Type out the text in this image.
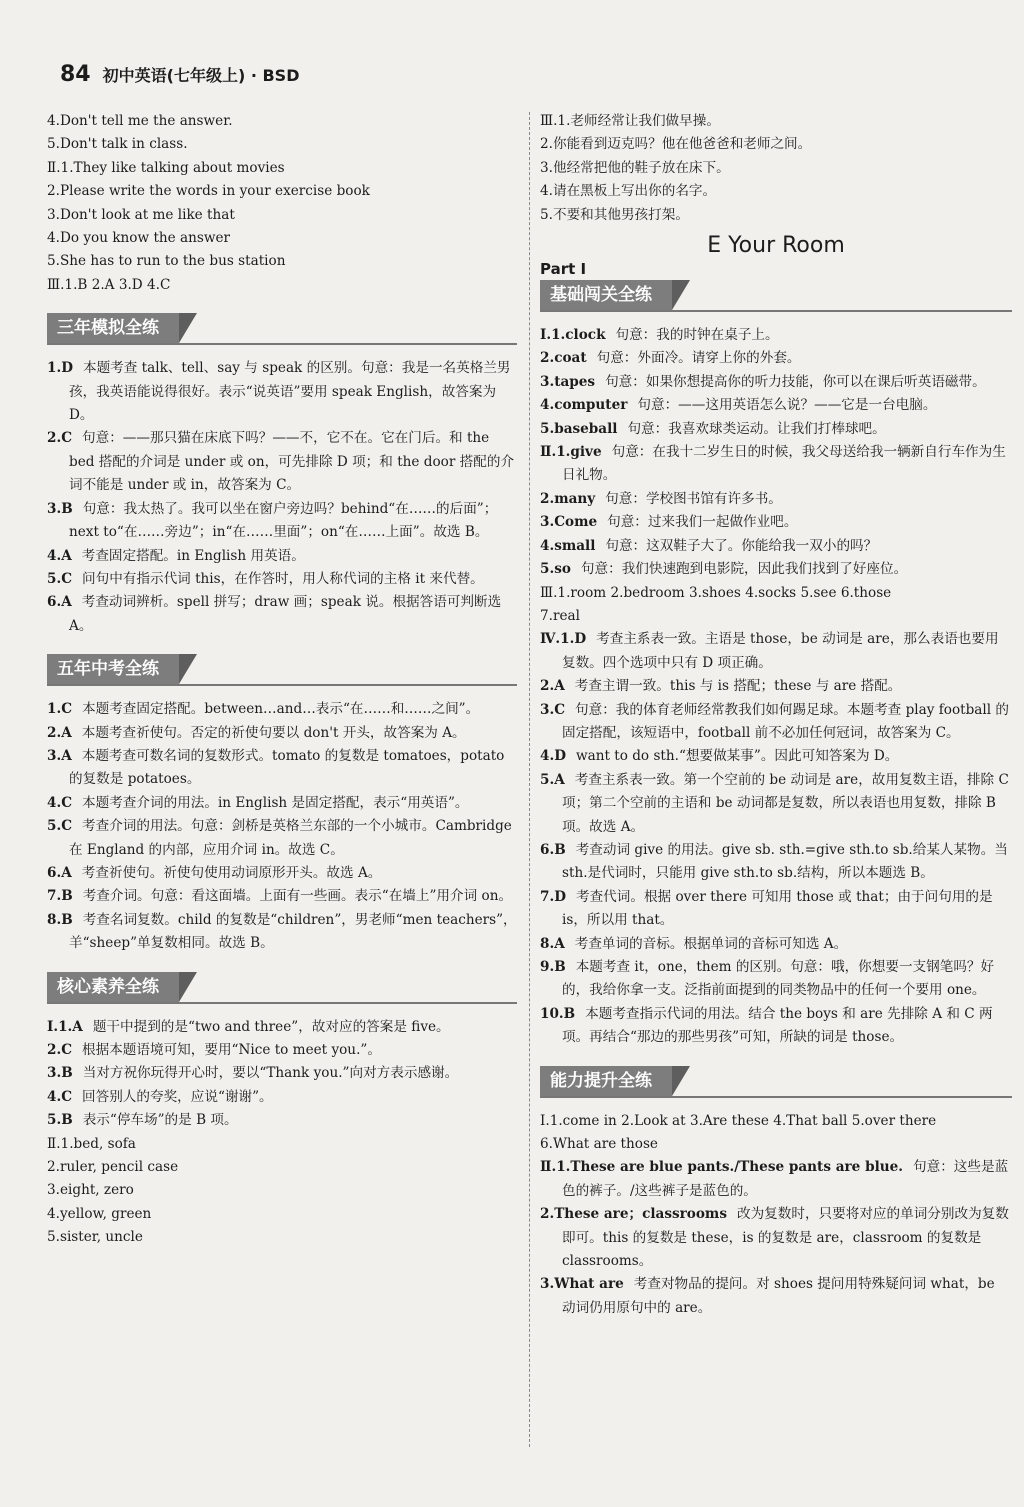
84 初中英语(七年级上) · BSD
4.Don't tell me the answer.
5.Don't talk in class.
Ⅱ.1.They like talking about movies
2.Please write the words in your exercise book
3.Don't look at me like that
4.Do you know the answer
5.She has to run to the bus station
Ⅲ.1.B 2.A 3.D 4.C
三年模拟全练
1.D 本题考查 talk、tell、say 与 speak 的区别。句意：我是一名英格兰男孩，我英语能说得很好。表示“说英语”要用 speak English，故答案为 D。
2.C 句意：——那只猫在床底下吗？——不，它不在。它在门后。和 the bed 搭配的介词是 under 或 on，可先排除 D 项；和 the door 搭配的介词不能是 under 或 in，故答案为 C。
3.B 句意：我太热了。我可以坐在窗户旁边吗？behind“在……的后面”；next to“在……旁边”；in“在……里面”；on“在……上面”。故选 B。
4.A 考查固定搭配。in English 用英语。
5.C 问句中有指示代词 this，在作答时，用人称代词的主格 it 来代替。
6.A 考查动词辨析。spell 拼写；draw 画；speak 说。根据答语可判断选 A。
五年中考全练
1.C 本题考查固定搭配。between…and…表示“在……和……之间”。
2.A 本题考查祈使句。否定的祈使句要以 don't 开头，故答案为 A。
3.A 本题考查可数名词的复数形式。tomato 的复数是 tomatoes，potato 的复数是 potatoes。
4.C 本题考查介词的用法。in English 是固定搭配，表示“用英语”。
5.C 考查介词的用法。句意：剑桥是英格兰东部的一个小城市。Cambridge 在 England 的内部，应用介词 in。故选 C。
6.A 考查祈使句。祈使句使用动词原形开头。故选 A。
7.B 考查介词。句意：看这面墙。上面有一些画。表示“在墙上”用介词 on。
8.B 考查名词复数。child 的复数是“children”，男老师“men teachers”，羊“sheep”单复数相同。故选 B。
核心素养全练
Ⅰ.1.A 题干中提到的是“two and three”，故对应的答案是 five。
2.C 根据本题语境可知，要用“Nice to meet you.”。
3.B 当对方祝你玩得开心时，要以“Thank you.”向对方表示感谢。
4.C 回答别人的夸奖，应说“谢谢”。
5.B 表示“停车场”的是 B 项。
Ⅱ.1.bed, sofa
2.ruler, pencil case
3.eight, zero
4.yellow, green
5.sister, uncle
Ⅲ.1.老师经常让我们做早操。
2.你能看到迈克吗？他在他爸爸和老师之间。
3.他经常把他的鞋子放在床下。
4.请在黑板上写出你的名字。
5.不要和其他男孩打架。
E Your Room
Part Ⅰ
基础闯关全练
Ⅰ.1.clock 句意：我的时钟在桌子上。
2.coat 句意：外面冷。请穿上你的外套。
3.tapes 句意：如果你想提高你的听力技能，你可以在课后听英语磁带。
4.computer 句意：——这用英语怎么说？——它是一台电脑。
5.baseball 句意：我喜欢球类运动。让我们打棒球吧。
Ⅱ.1.give 句意：在我十二岁生日的时候，我父母送给我一辆新自行车作为生日礼物。
2.many 句意：学校图书馆有许多书。
3.Come 句意：过来我们一起做作业吧。
4.small 句意：这双鞋子大了。你能给我一双小的吗？
5.so 句意：我们快速跑到电影院，因此我们找到了好座位。
Ⅲ.1.room 2.bedroom 3.shoes 4.socks 5.see 6.those
7.real
Ⅳ.1.D 考查主系表一致。主语是 those，be 动词是 are，那么表语也要用复数。四个选项中只有 D 项正确。
2.A 考查主谓一致。this 与 is 搭配；these 与 are 搭配。
3.C 句意：我的体育老师经常教我们如何踢足球。本题考查 play football 的固定搭配，该短语中，football 前不必加任何冠词，故答案为 C。
4.D want to do sth.“想要做某事”。因此可知答案为 D。
5.A 考查主系表一致。第一个空前的 be 动词是 are，故用复数主语，排除 C 项；第二个空前的主语和 be 动词都是复数，所以表语也用复数，排除 B 项。故选 A。
6.B 考查动词 give 的用法。give sb. sth.=give sth.to sb.给某人某物。当 sth.是代词时，只能用 give sth.to sb.结构，所以本题选 B。
7.D 考查代词。根据 over there 可知用 those 或 that；由于问句用的是 is，所以用 that。
8.A 考查单词的音标。根据单词的音标可知选 A。
9.B 本题考查 it，one，them 的区别。句意：哦，你想要一支钢笔吗？好的，我给你拿一支。泛指前面提到的同类物品中的任何一个要用 one。
10.B 本题考查指示代词的用法。结合 the boys 和 are 先排除 A 和 C 两项。再结合“那边的那些男孩”可知，所缺的词是 those。
能力提升全练
Ⅰ.1.come in 2.Look at 3.Are these 4.That ball 5.over there
6.What are those
Ⅱ.1.These are blue pants./These pants are blue. 句意：这些是蓝色的裤子。/这些裤子是蓝色的。
2.These are；classrooms 改为复数时，只要将对应的单词分别改为复数即可。this 的复数是 these，is 的复数是 are，classroom 的复数是 classrooms。
3.What are 考查对物品的提问。对 shoes 提问用特殊疑问词 what，be 动词仍用原句中的 are。
